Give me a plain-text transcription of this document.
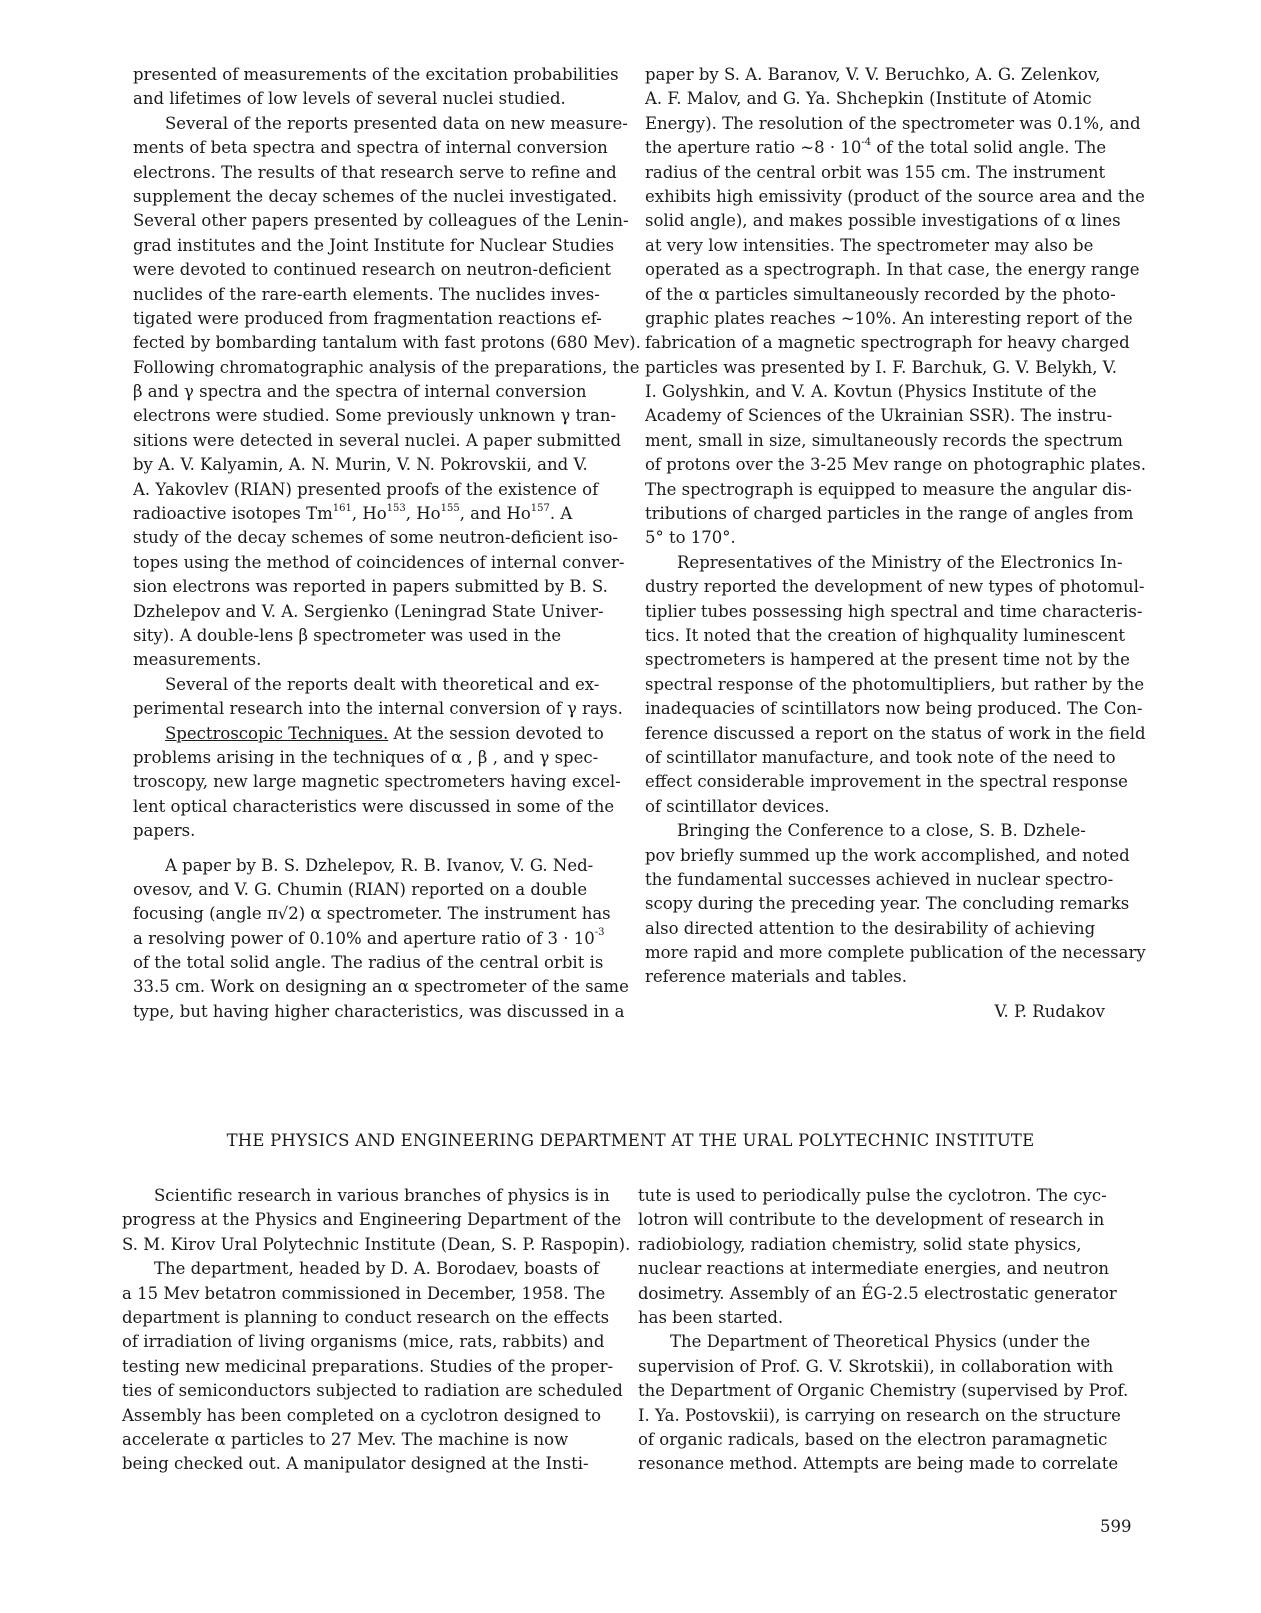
presented of measurements of the excitation probabilities
and lifetimes of low levels of several nuclei studied.
Several of the reports presented data on new measure-
ments of beta spectra and spectra of internal conversion
electrons. The results of that research serve to refine and
supplement the decay schemes of the nuclei investigated.
Several other papers presented by colleagues of the Lenin-
grad institutes and the Joint Institute for Nuclear Studies
were devoted to continued research on neutron-deficient
nuclides of the rare-earth elements. The nuclides inves-
tigated were produced from fragmentation reactions ef-
fected by bombarding tantalum with fast protons (680 Mev).
Following chromatographic analysis of the preparations, the
β and γ spectra and the spectra of internal conversion
electrons were studied. Some previously unknown γ tran-
sitions were detected in several nuclei. A paper submitted
by A. V. Kalyamin, A. N. Murin, V. N. Pokrovskii, and V.
A. Yakovlev (RIAN) presented proofs of the existence of
radioactive isotopes Tm$^{161}$, Ho$^{153}$, Ho$^{155}$, and Ho$^{157}$. A
study of the decay schemes of some neutron-deficient iso-
topes using the method of coincidences of internal conver-
sion electrons was reported in papers submitted by B. S.
Dzhelepov and V. A. Sergienko (Leningrad State Univer-
sity). A double-lens β spectrometer was used in the
measurements.
Several of the reports dealt with theoretical and ex-
perimental research into the internal conversion of γ rays.
Spectroscopic Techniques. At the session devoted to
problems arising in the techniques of α , β , and γ spec-
troscopy, new large magnetic spectrometers having excel-
lent optical characteristics were discussed in some of the
papers.
A paper by B. S. Dzhelepov, R. B. Ivanov, V. G. Ned-
ovesov, and V. G. Chumin (RIAN) reported on a double
focusing (angle π√2) α spectrometer. The instrument has
a resolving power of 0.10% and aperture ratio of $3 \cdot 10^{-3}$
of the total solid angle. The radius of the central orbit is
33.5 cm. Work on designing an α spectrometer of the same
type, but having higher characteristics, was discussed in a
paper by S. A. Baranov, V. V. Beruchko, A. G. Zelenkov,
A. F. Malov, and G. Ya. Shchepkin (Institute of Atomic
Energy). The resolution of the spectrometer was 0.1%, and
the aperture ratio ~8 · $10^{-4}$ of the total solid angle. The
radius of the central orbit was 155 cm. The instrument
exhibits high emissivity (product of the source area and the
solid angle), and makes possible investigations of α lines
at very low intensities. The spectrometer may also be
operated as a spectrograph. In that case, the energy range
of the α particles simultaneously recorded by the photo-
graphic plates reaches ~10%. An interesting report of the
fabrication of a magnetic spectrograph for heavy charged
particles was presented by I. F. Barchuk, G. V. Belykh, V.
I. Golyshkin, and V. A. Kovtun (Physics Institute of the
Academy of Sciences of the Ukrainian SSR). The instru-
ment, small in size, simultaneously records the spectrum
of protons over the 3-25 Mev range on photographic plates.
The spectrograph is equipped to measure the angular dis-
tributions of charged particles in the range of angles from
5° to 170°.
Representatives of the Ministry of the Electronics In-
dustry reported the development of new types of photomul-
tiplier tubes possessing high spectral and time characteris-
tics. It noted that the creation of highquality luminescent
spectrometers is hampered at the present time not by the
spectral response of the photomultipliers, but rather by the
inadequacies of scintillators now being produced. The Con-
ference discussed a report on the status of work in the field
of scintillator manufacture, and took note of the need to
effect considerable improvement in the spectral response
of scintillator devices.
Bringing the Conference to a close, S. B. Dzhele-
pov briefly summed up the work accomplished, and noted
the fundamental successes achieved in nuclear spectro-
scopy during the preceding year. The concluding remarks
also directed attention to the desirability of achieving
more rapid and more complete publication of the necessary
reference materials and tables.
V. P. Rudakov
THE PHYSICS AND ENGINEERING DEPARTMENT AT THE URAL POLYTECHNIC INSTITUTE
Scientific research in various branches of physics is in
progress at the Physics and Engineering Department of the
S. M. Kirov Ural Polytechnic Institute (Dean, S. P. Raspopin).
The department, headed by D. A. Borodaev, boasts of
a 15 Mev betatron commissioned in December, 1958. The
department is planning to conduct research on the effects
of irradiation of living organisms (mice, rats, rabbits) and
testing new medicinal preparations. Studies of the proper-
ties of semiconductors subjected to radiation are scheduled
Assembly has been completed on a cyclotron designed to
accelerate α particles to 27 Mev. The machine is now
being checked out. A manipulator designed at the Insti-
tute is used to periodically pulse the cyclotron. The cyc-
lotron will contribute to the development of research in
radiobiology, radiation chemistry, solid state physics,
nuclear reactions at intermediate energies, and neutron
dosimetry. Assembly of an ÉG-2.5 electrostatic generator
has been started.
The Department of Theoretical Physics (under the
supervision of Prof. G. V. Skrotskii), in collaboration with
the Department of Organic Chemistry (supervised by Prof.
I. Ya. Postovskii), is carrying on research on the structure
of organic radicals, based on the electron paramagnetic
resonance method. Attempts are being made to correlate
599
